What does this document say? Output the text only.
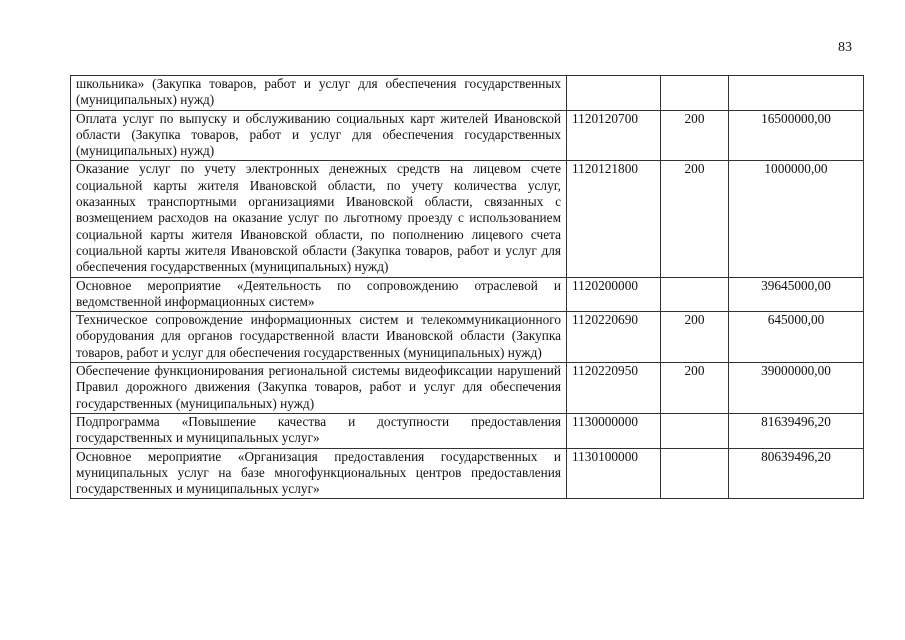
83
школьника» (Закупка товаров, работ и услуг для обеспечения государственных (муниципальных) нужд)			
Оплата услуг по выпуску и обслуживанию социальных карт жителей Ивановской области (Закупка товаров, работ и услуг для обеспечения государственных (муниципальных) нужд)	1120120700	200	16500000,00
Оказание услуг по учету электронных денежных средств на лицевом счете социальной карты жителя Ивановской области, по учету количества услуг, оказанных транспортными организациями Ивановской области, связанных с возмещением расходов на оказание услуг по льготному проезду с использованием социальной карты жителя Ивановской области, по пополнению лицевого счета социальной карты жителя Ивановской области (Закупка товаров, работ и услуг для обеспечения государственных (муниципальных) нужд)	1120121800	200	1000000,00
Основное мероприятие «Деятельность по сопровождению отраслевой и ведомственной информационных систем»	1120200000		39645000,00
Техническое сопровождение информационных систем и телекоммуникационного оборудования для органов государственной власти Ивановской области (Закупка товаров, работ и услуг для обеспечения государственных (муниципальных) нужд)	1120220690	200	645000,00
Обеспечение функционирования региональной системы видеофиксации нарушений Правил дорожного движения (Закупка товаров, работ и услуг для обеспечения государственных (муниципальных) нужд)	1120220950	200	39000000,00
Подпрограмма «Повышение качества и доступности предоставления государственных и муниципальных услуг»	1130000000		81639496,20
Основное мероприятие «Организация предоставления государственных и муниципальных услуг на базе многофункциональных центров предоставления государственных и муниципальных услуг»	1130100000		80639496,20
